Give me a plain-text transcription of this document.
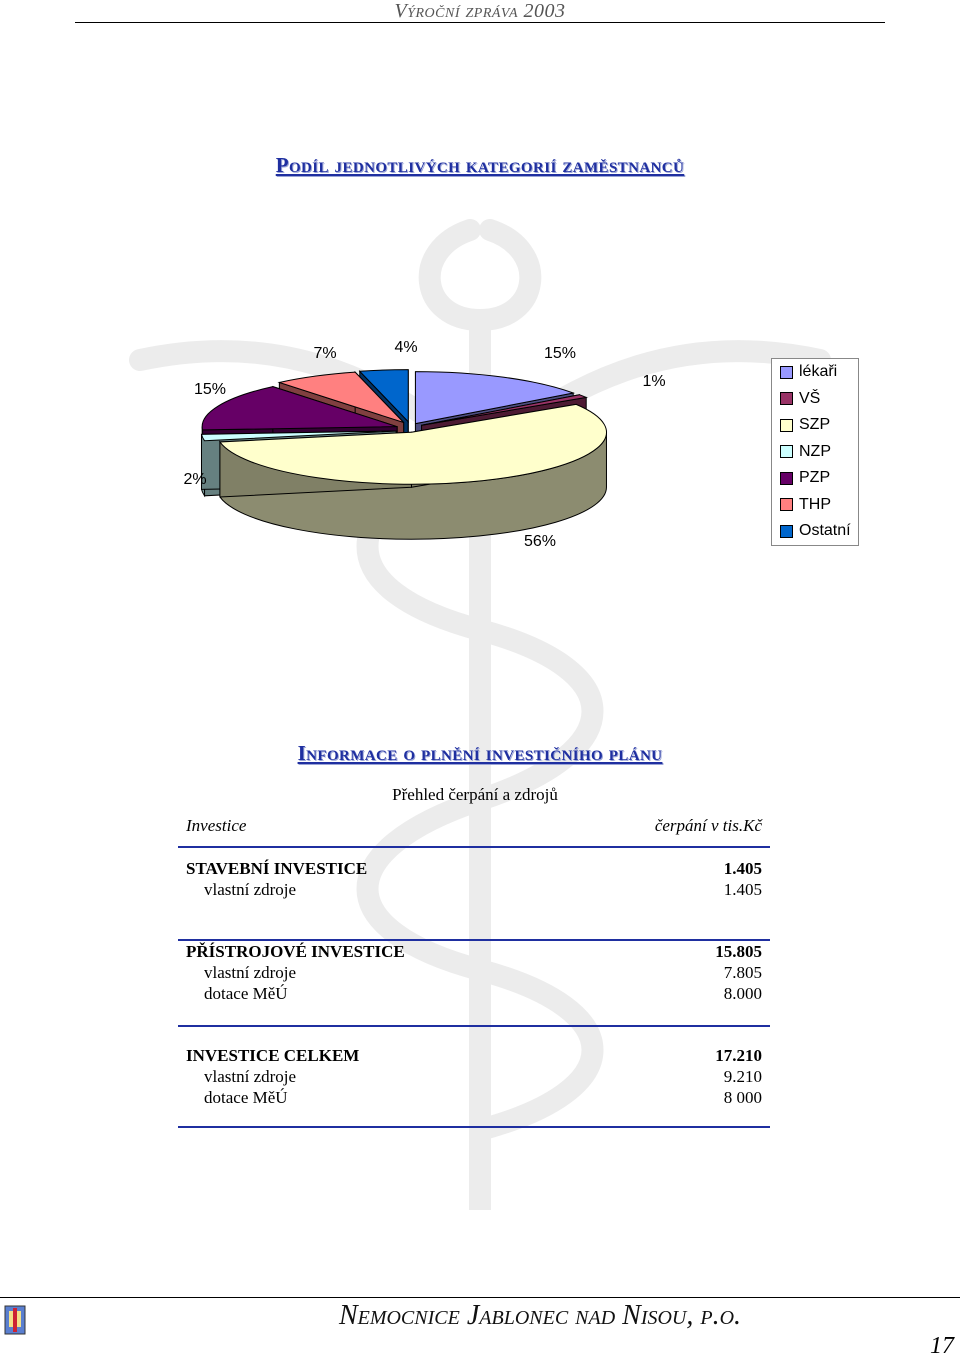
Výroční zpráva 2003
Podíl jednotlivých kategorií zaměstnanců
15%
1%
56%
2%
15%
7%	4%
lékaři
VŠ
SZP
NZP
PZP
THP
Ostatní
Informace o plnění investičního plánu
Přehled čerpání a zdrojů
Investice	čerpání v tis.Kč
STAVEBNÍ INVESTICE	1.405
vlastní zdroje	1.405
PŘÍSTROJOVÉ INVESTICE	15.805
vlastní zdroje	7.805
dotace MěÚ	8.000
INVESTICE CELKEM	17.210
vlastní zdroje	9.210
dotace MěÚ	8 000
Nemocnice Jablonec nad Nisou, p.o.
17
